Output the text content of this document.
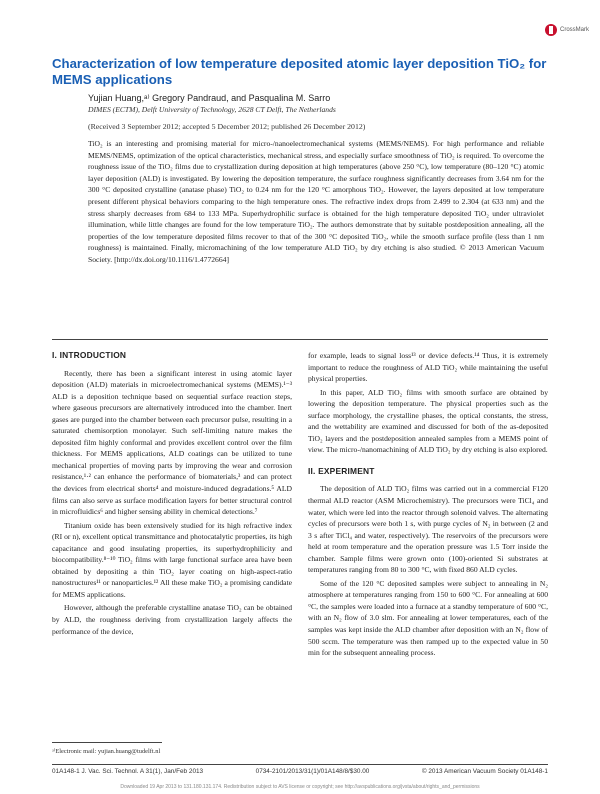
CrossMark
Characterization of low temperature deposited atomic layer deposition TiO₂ for MEMS applications
Yujian Huang,ᵃ⁾ Gregory Pandraud, and Pasqualina M. Sarro
DIMES (ECTM), Delft University of Technology, 2628 CT Delft, The Netherlands
(Received 3 September 2012; accepted 5 December 2012; published 26 December 2012)
TiO₂ is an interesting and promising material for micro-/nanoelectromechanical systems (MEMS/NEMS). For high performance and reliable MEMS/NEMS, optimization of the optical characteristics, mechanical stress, and especially surface smoothness of TiO₂ is required. To overcome the roughness issue of the TiO₂ films due to crystallization during deposition at high temperatures (above 250 °C), low temperature (80–120 °C) atomic layer deposition (ALD) is investigated. By lowering the deposition temperature, the surface roughness significantly decreases from 3.64 nm for the 300 °C deposited crystalline (anatase phase) TiO₂ to 0.24 nm for the 120 °C amorphous TiO₂. However, the layers deposited at low temperature present different physical behaviors comparing to the high temperature ones. The refractive index drops from 2.499 to 2.304 (at 633 nm) and the stress sharply decreases from 684 to 133 MPa. Superhydrophilic surface is obtained for the high temperature deposited TiO₂ under ultraviolet illumination, while little changes are found for the low temperature TiO₂. The authors demonstrate that by suitable postdeposition annealing, all the properties of the low temperature deposited films recover to that of the 300 °C deposited TiO₂, while the smooth surface profile (less than 1 nm roughness) is maintained. Finally, micromachining of the low temperature ALD TiO₂ by dry etching is also studied. © 2013 American Vacuum Society. [http://dx.doi.org/10.1116/1.4772664]
I. INTRODUCTION

Recently, there has been a significant interest in using atomic layer deposition (ALD) materials in microelectromechanical systems (MEMS).¹⁻³ ALD is a deposition technique based on sequential surface reaction steps, where gaseous precursors are alternatively introduced into the chamber. Inert gases are purged into the chamber between each precursor pulse, resulting in a saturated chemisorption monolayer. Such self-limiting nature makes the deposited film highly conformal and provides excellent control over the film thickness. For MEMS applications, ALD coatings can be utilized to tune mechanical properties of moving parts by improving the wear and corrosion resistance,¹·² can enhance the performance of biomaterials,³ and can protect the devices from electrical shorts⁴ and moisture-induced degradations.⁵ ALD films can also serve as surface modification layers for better structural control in microfluidics⁶ and higher sensing ability in chemical detections.⁷

Titanium oxide has been extensively studied for its high refractive index (RI or n), excellent optical transmittance and photocatalytic properties, its high capacitance and good insulating properties, its superhydrophilicity and biocompatibility.⁸⁻¹⁰ TiO₂ films with large functional surface area have been obtained by depositing a thin TiO₂ layer coating on high-aspect-ratio nanostructures¹¹ or nanoparticles.¹² All these make TiO₂ a promising candidate for MEMS applications.

However, although the preferable crystalline anatase TiO₂ can be obtained by ALD, the roughness deriving from crystallization largely affects the performance of the device,

for example, leads to signal loss¹³ or device defects.¹⁴ Thus, it is extremely important to reduce the roughness of ALD TiO₂ while maintaining the useful physical properties.

In this paper, ALD TiO₂ films with smooth surface are obtained by lowering the deposition temperature. The physical properties such as the surface morphology, the crystalline phases, the optical constants, the stress, and the wettability are examined and discussed for both of the as-deposited TiO₂ layers and the postdeposition annealed samples from a MEMS point of view. The micro-/nanomachining of ALD TiO₂ by dry etching is also explored.

II. EXPERIMENT

The deposition of ALD TiO₂ films was carried out in a commercial F120 thermal ALD reactor (ASM Microchemistry). The precursors were TiCl₄ and water, which were led into the reactor through solenoid valves. The alternating cycles of precursors were both 1 s, with purge cycles of N₂ in between (2 and 3 s after TiCl₄ and water, respectively). The reservoirs of the precursors were held at room temperature and the operation pressure was 1.5 Torr inside the chamber. Sample films were grown onto (100)-oriented Si substrates at temperatures ranging from 80 to 300 °C, with fixed 860 ALD cycles.

Some of the 120 °C deposited samples were subject to annealing in N₂ atmosphere at temperatures ranging from 150 to 600 °C. For annealing at 600 °C, the samples were loaded into a furnace at a standby temperature of 600 °C, with an N₂ flow of 3.0 slm. For annealing at lower temperatures, each of the samples was kept inside the ALD chamber after deposition with an N₂ flow of 500 sccm. The temperature was then ramped up to the expected value in 50 min for the subsequent annealing process.

ᵃ⁾Electronic mail: yujian.huang@tudelft.nl
01A148-1 J. Vac. Sci. Technol. A 31(1), Jan/Feb 2013	0734-2101/2013/31(1)/01A148/8/$30.00	© 2013 American Vacuum Society 01A148-1
Downloaded 19 Apr 2013 to 131.180.131.174. Redistribution subject to AVS license or copyright; see http://avspublications.org/jvsta/about/rights_and_permissions
